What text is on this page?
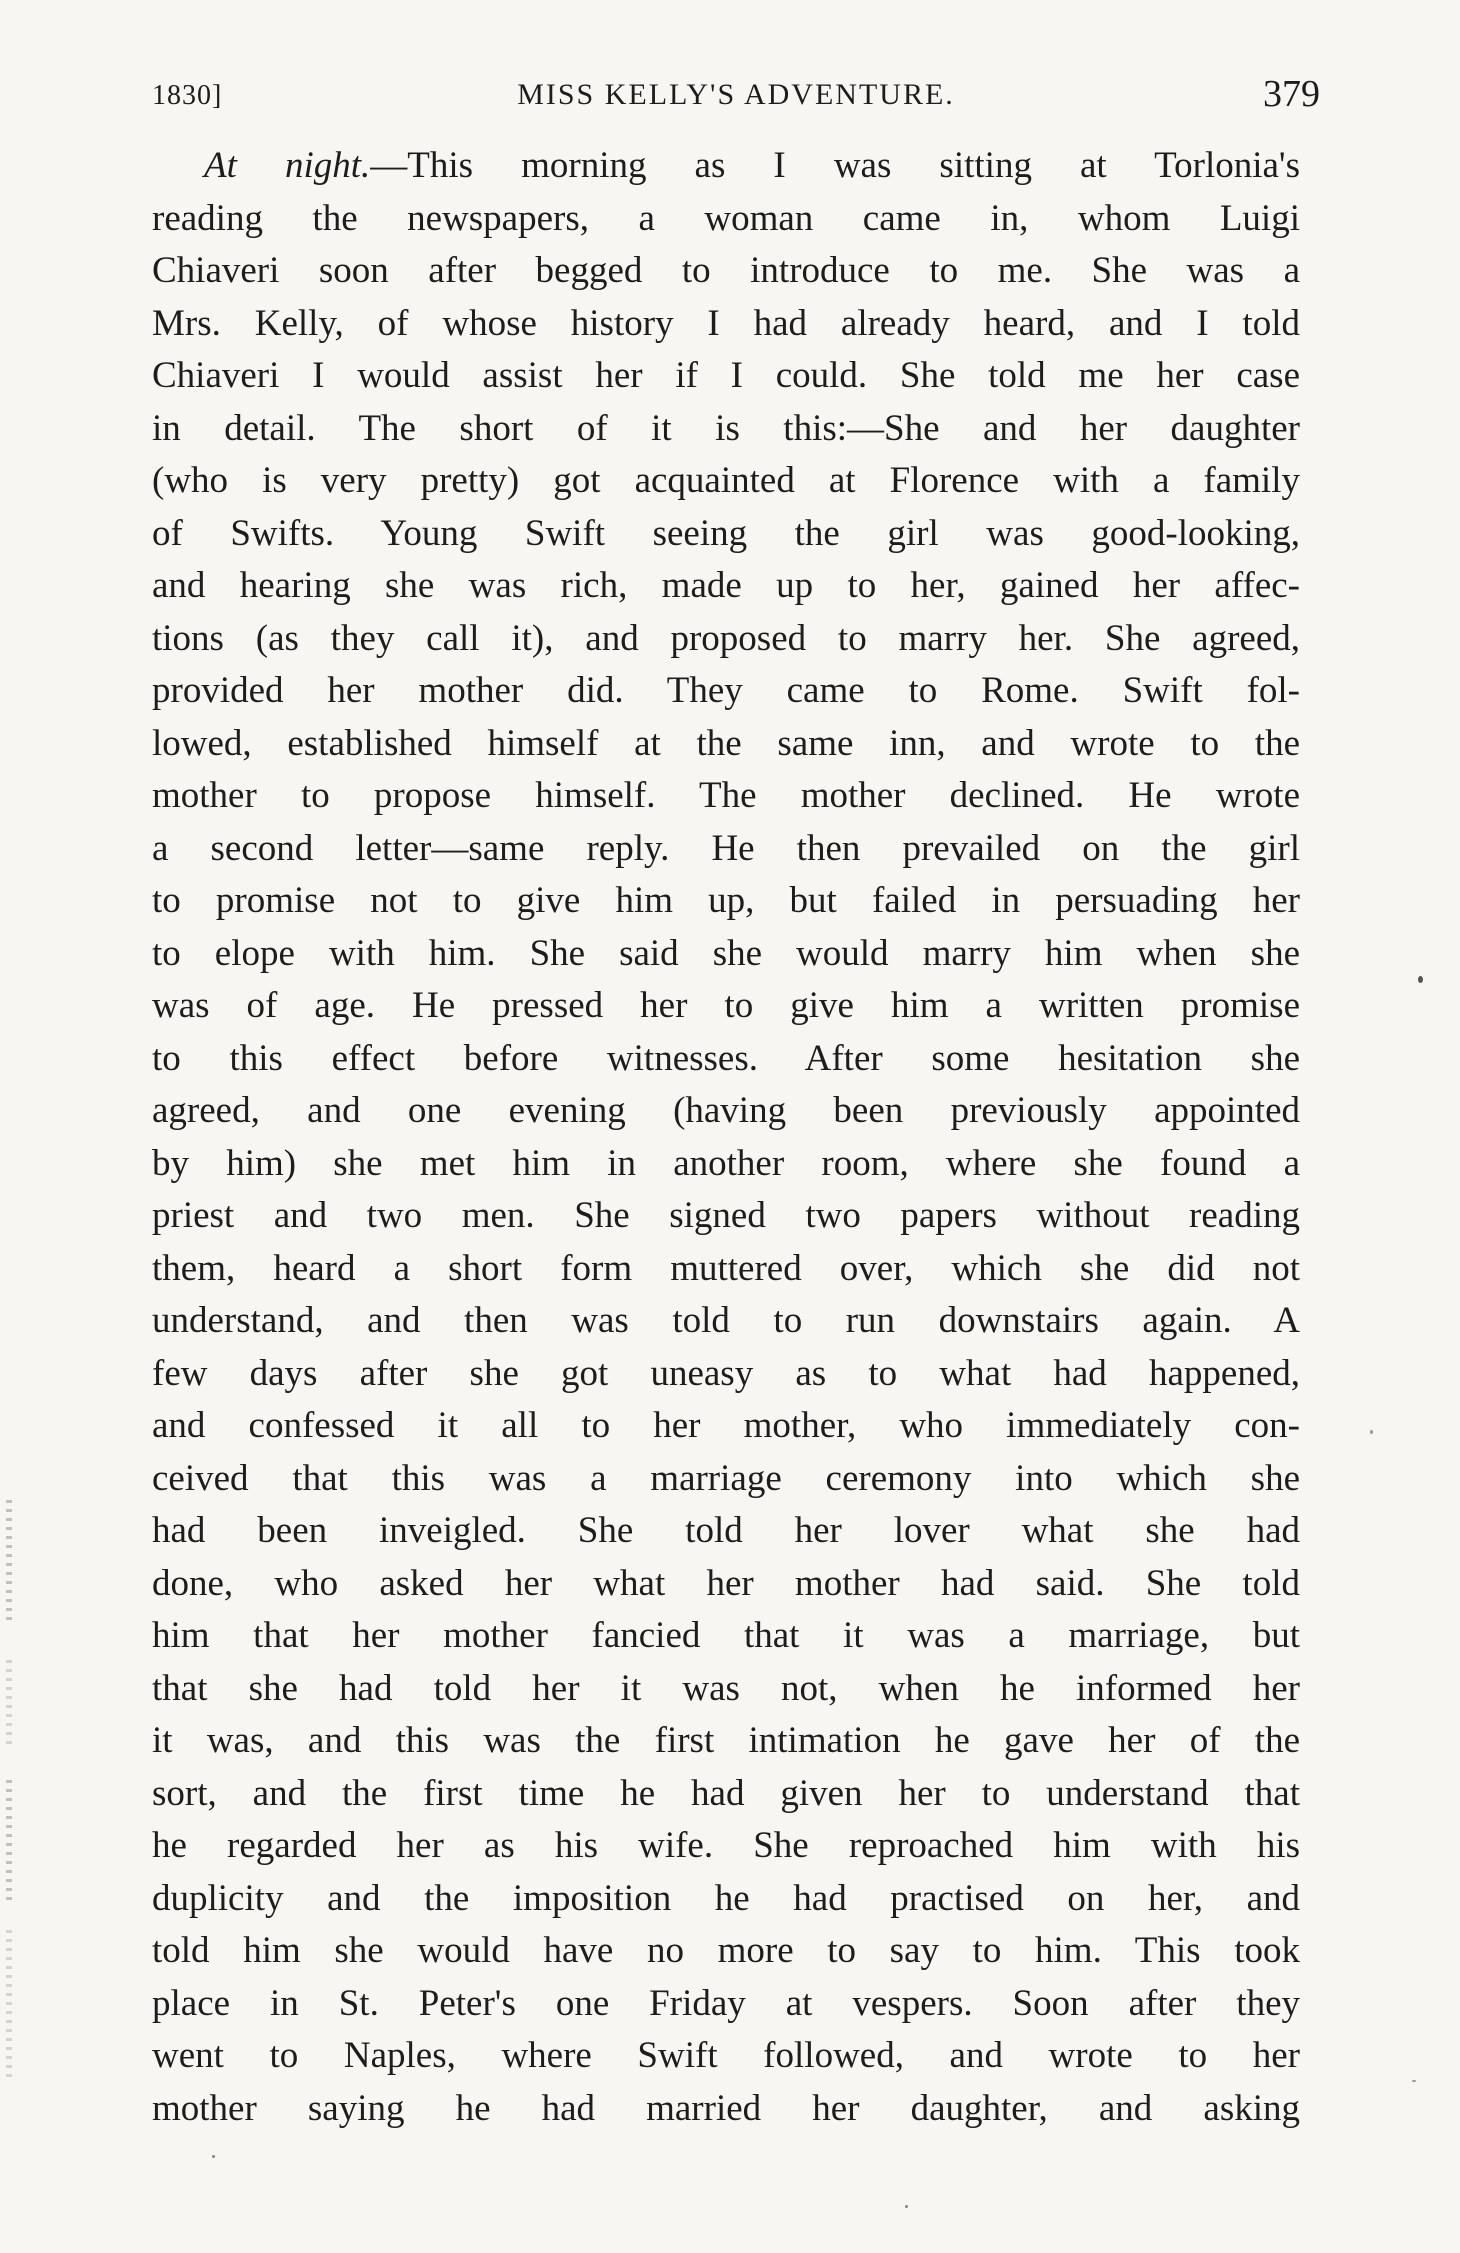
1830]	MISS KELLY'S ADVENTURE.	379
At night.—This morning as I was sitting at Torlonia's
reading the newspapers, a woman came in, whom Luigi
Chiaveri soon after begged to introduce to me. She was a
Mrs. Kelly, of whose history I had already heard, and I told
Chiaveri I would assist her if I could. She told me her case
in detail. The short of it is this:—She and her daughter
(who is very pretty) got acquainted at Florence with a family
of Swifts. Young Swift seeing the girl was good-looking,
and hearing she was rich, made up to her, gained her affec-
tions (as they call it), and proposed to marry her. She agreed,
provided her mother did. They came to Rome. Swift fol-
lowed, established himself at the same inn, and wrote to the
mother to propose himself. The mother declined. He wrote
a second letter—same reply. He then prevailed on the girl
to promise not to give him up, but failed in persuading her
to elope with him. She said she would marry him when she
was of age. He pressed her to give him a written promise
to this effect before witnesses. After some hesitation she
agreed, and one evening (having been previously appointed
by him) she met him in another room, where she found a
priest and two men. She signed two papers without reading
them, heard a short form muttered over, which she did not
understand, and then was told to run downstairs again. A
few days after she got uneasy as to what had happened,
and confessed it all to her mother, who immediately con-
ceived that this was a marriage ceremony into which she
had been inveigled. She told her lover what she had
done, who asked her what her mother had said. She told
him that her mother fancied that it was a marriage, but
that she had told her it was not, when he informed her
it was, and this was the first intimation he gave her of the
sort, and the first time he had given her to understand that
he regarded her as his wife. She reproached him with his
duplicity and the imposition he had practised on her, and
told him she would have no more to say to him. This took
place in St. Peter's one Friday at vespers. Soon after they
went to Naples, where Swift followed, and wrote to her
mother saying he had married her daughter, and asking
